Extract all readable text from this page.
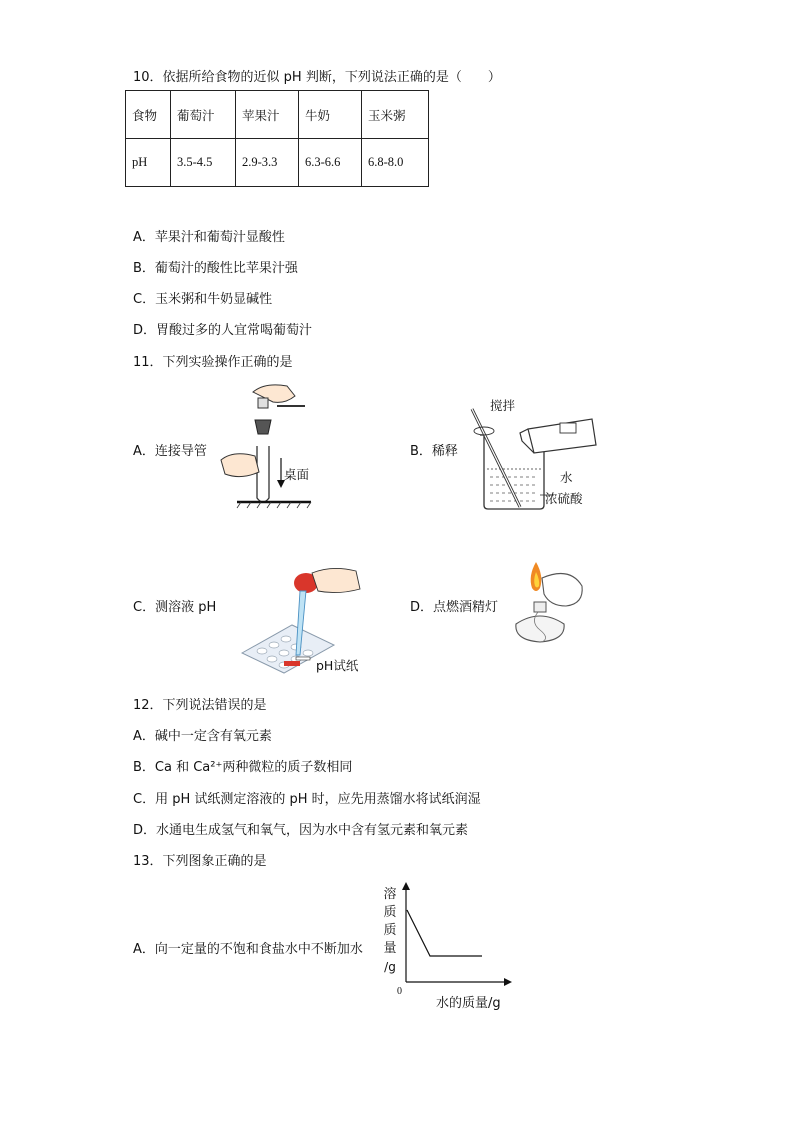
10．依据所给食物的近似 pH 判断，下列说法正确的是（　　）
食物	葡萄汁	苹果汁	牛奶	玉米粥
pH	3.5-4.5	2.9-3.3	6.3-6.6	6.8-8.0
A．苹果汁和葡萄汁显酸性
B．葡萄汁的酸性比苹果汁强
C．玉米粥和牛奶显碱性
D．胃酸过多的人宜常喝葡萄汁
11．下列实验操作正确的是
A．连接导管
桌面
B．稀释
搅拌
水
浓硫酸
C．测溶液 pH
pH试纸
D．点燃酒精灯
12．下列说法错误的是
A．碱中一定含有氧元素
B．Ca 和 Ca²⁺两种微粒的质子数相同
C．用 pH 试纸测定溶液的 pH 时，应先用蒸馏水将试纸润湿
D．水通电生成氢气和氧气，因为水中含有氢元素和氧元素
13．下列图象正确的是
A．向一定量的不饱和食盐水中不断加水
溶
质
质
量
/g
0
水的质量/g
